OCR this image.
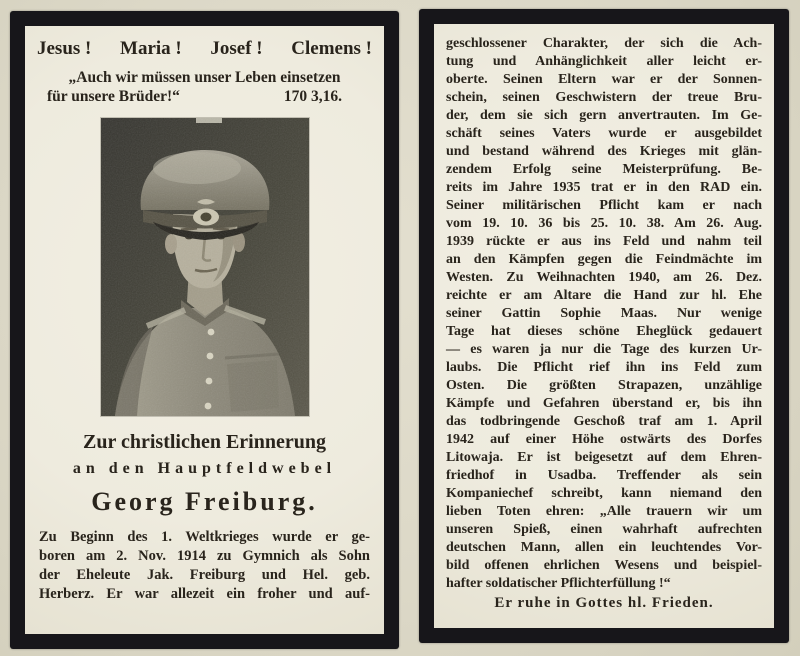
Jesus ! Maria ! Josef ! Clemens !
„Auch wir müssen unser Leben einsetzen
für unsere Brüder!“	170 3,16.
Zur christlichen Erinnerung
an den Hauptfeldwebel
Georg Freiburg.
Zu Beginn des 1. Weltkrieges wurde er ge-
boren am 2. Nov. 1914 zu Gymnich als Sohn
der Eheleute Jak. Freiburg und Hel. geb.
Herberz. Er war allezeit ein froher und auf-
geschlossener Charakter, der sich die Ach-
tung und Anhänglichkeit aller leicht er-
oberte. Seinen Eltern war er der Sonnen-
schein, seinen Geschwistern der treue Bru-
der, dem sie sich gern anvertrauten. Im Ge-
schäft seines Vaters wurde er ausgebildet
und bestand während des Krieges mit glän-
zendem Erfolg seine Meisterprüfung. Be-
reits im Jahre 1935 trat er in den RAD ein.
Seiner militärischen Pflicht kam er nach
vom 19. 10. 36 bis 25. 10. 38. Am 26. Aug.
1939 rückte er aus ins Feld und nahm teil
an den Kämpfen gegen die Feindmächte im
Westen. Zu Weihnachten 1940, am 26. Dez.
reichte er am Altare die Hand zur hl. Ehe
seiner Gattin Sophie Maas. Nur wenige
Tage hat dieses schöne Eheglück gedauert
— es waren ja nur die Tage des kurzen Ur-
laubs. Die Pflicht rief ihn ins Feld zum
Osten. Die größten Strapazen, unzählige
Kämpfe und Gefahren überstand er, bis ihn
das todbringende Geschoß traf am 1. April
1942 auf einer Höhe ostwärts des Dorfes
Litowaja. Er ist beigesetzt auf dem Ehren-
friedhof in Usadba. Treffender als sein
Kompaniechef schreibt, kann niemand den
lieben Toten ehren: „Alle trauern wir um
unseren Spieß, einen wahrhaft aufrechten
deutschen Mann, allen ein leuchtendes Vor-
bild offenen ehrlichen Wesens und beispiel-
hafter soldatischer Pflichterfüllung !“
Er ruhe in Gottes hl. Frieden.
